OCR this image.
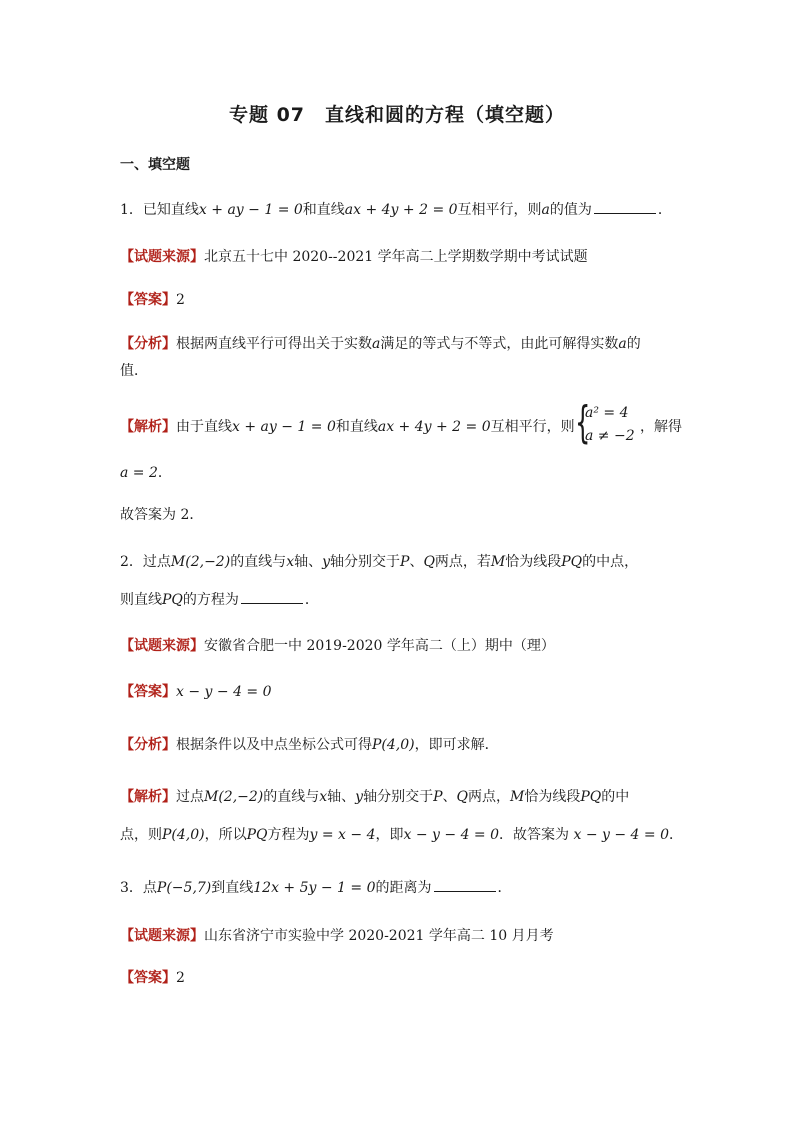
专题 07　直线和圆的方程（填空题）
一、填空题
1．已知直线x + ay − 1 = 0和直线ax + 4y + 2 = 0互相平行，则a的值为	．
【试题来源】北京五十七中 2020--2021 学年高二上学期数学期中考试试题
【答案】2
【分析】根据两直线平行可得出关于实数a满足的等式与不等式，由此可解得实数a的
值．
【解析】由于直线x + ay − 1 = 0和直线ax + 4y + 2 = 0互相平行，则 {
a² = 4
a ≠ −2
，解得
a = 2．
故答案为 2．
2．过点M(2,−2)的直线与x轴、y轴分别交于P、Q两点，若M恰为线段PQ的中点，
则直线PQ的方程为	．
【试题来源】安徽省合肥一中 2019-2020 学年高二（上）期中（理）
【答案】x − y − 4 = 0
【分析】根据条件以及中点坐标公式可得P(4,0)，即可求解．
【解析】过点M(2,−2)的直线与x轴、y轴分别交于P、Q两点，M恰为线段PQ的中
点，则P(4,0)，所以PQ方程为y = x − 4，即x − y − 4 = 0．故答案为 x − y − 4 = 0．
3．点P(−5,7)到直线12x + 5y − 1 = 0的距离为	．
【试题来源】山东省济宁市实验中学 2020-2021 学年高二 10 月月考
【答案】2
